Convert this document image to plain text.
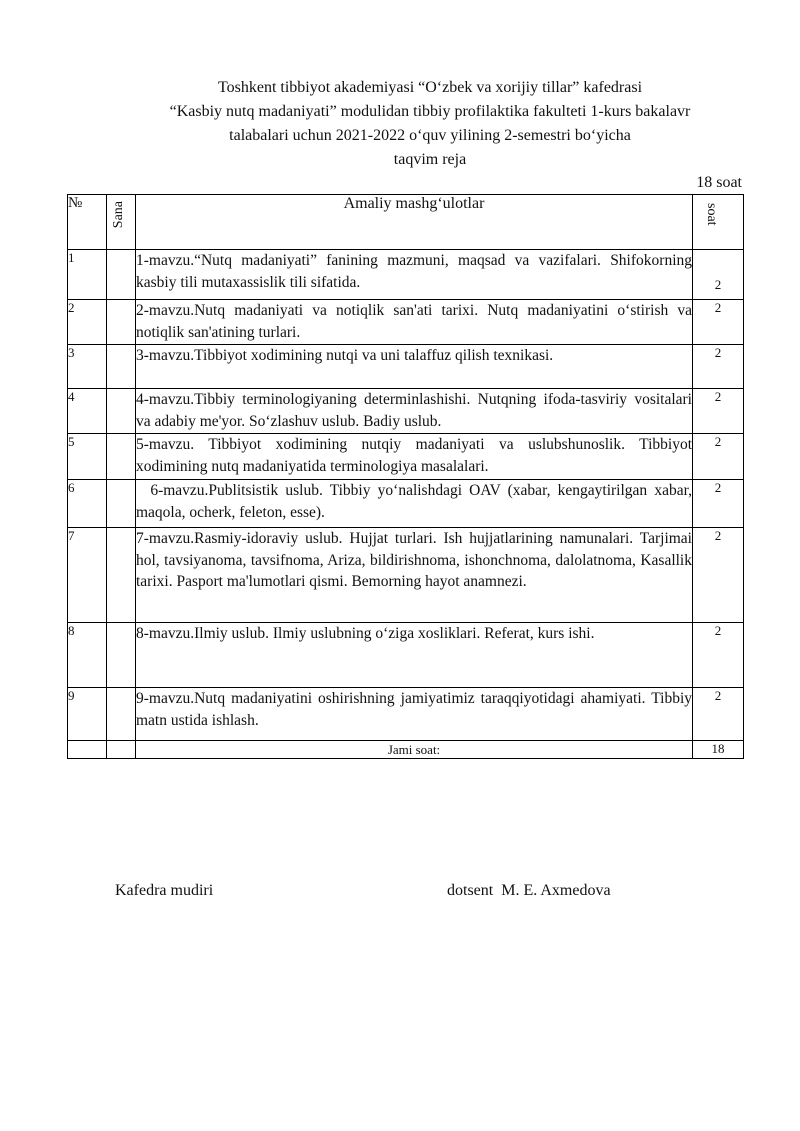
Toshkent tibbiyot akademiyasi “O‘zbek va xorijiy tillar” kafedrasi
“Kasbiy nutq madaniyati” modulidan tibbiy profilaktika fakulteti 1-kurs bakalavr
talabalari uchun 2021-2022 o‘quv yilining 2-semestri bo‘yicha
taqvim reja
18 soat
№	Sana	Amaliy mashg‘ulotlar	soat

1		1-mavzu.“Nutq madaniyati” fanining mazmuni, maqsad va vazifalari. Shifokorning kasbiy tili mutaxassislik tili sifatida.	2
2		2-mavzu.Nutq madaniyati va notiqlik san'ati tarixi. Nutq madaniyatini o‘stirish va notiqlik san'atining turlari.	2
3		3-mavzu.Tibbiyot xodimining nutqi va uni talaffuz qilish texnikasi.	2
4		4-mavzu.Tibbiy terminologiyaning determinlashishi. Nutqning ifoda-tasviriy vositalari va adabiy me'yor. So‘zlashuv uslub. Badiy uslub.	2
5		5-mavzu. Tibbiyot xodimining nutqiy madaniyati va uslubshunoslik. Tibbiyot xodimining nutq madaniyatida terminologiya masalalari.	2
6		6-mavzu.Publitsistik uslub. Tibbiy yo‘nalishdagi OAV (xabar, kengaytirilgan xabar, maqola, ocherk, feleton, esse).	2
7		7-mavzu.Rasmiy-idoraviy uslub. Hujjat turlari. Ish hujjatlarining namunalari. Tarjimai hol, tavsiyanoma, tavsifnoma, Ariza, bildirishnoma, ishonchnoma, dalolatnoma, Kasallik tarixi. Pasport ma'lumotlari qismi. Bemorning hayot anamnezi.	2
8		8-mavzu.Ilmiy uslub. Ilmiy uslubning o‘ziga xosliklari. Referat, kurs ishi.	2
9		9-mavzu.Nutq madaniyatini oshirishning jamiyatimiz taraqqiyotidagi ahamiyati. Tibbiy matn ustida ishlash.	2
		Jami soat:	18
Kafedra mudiri	dotsent  M. E. Axmedova
